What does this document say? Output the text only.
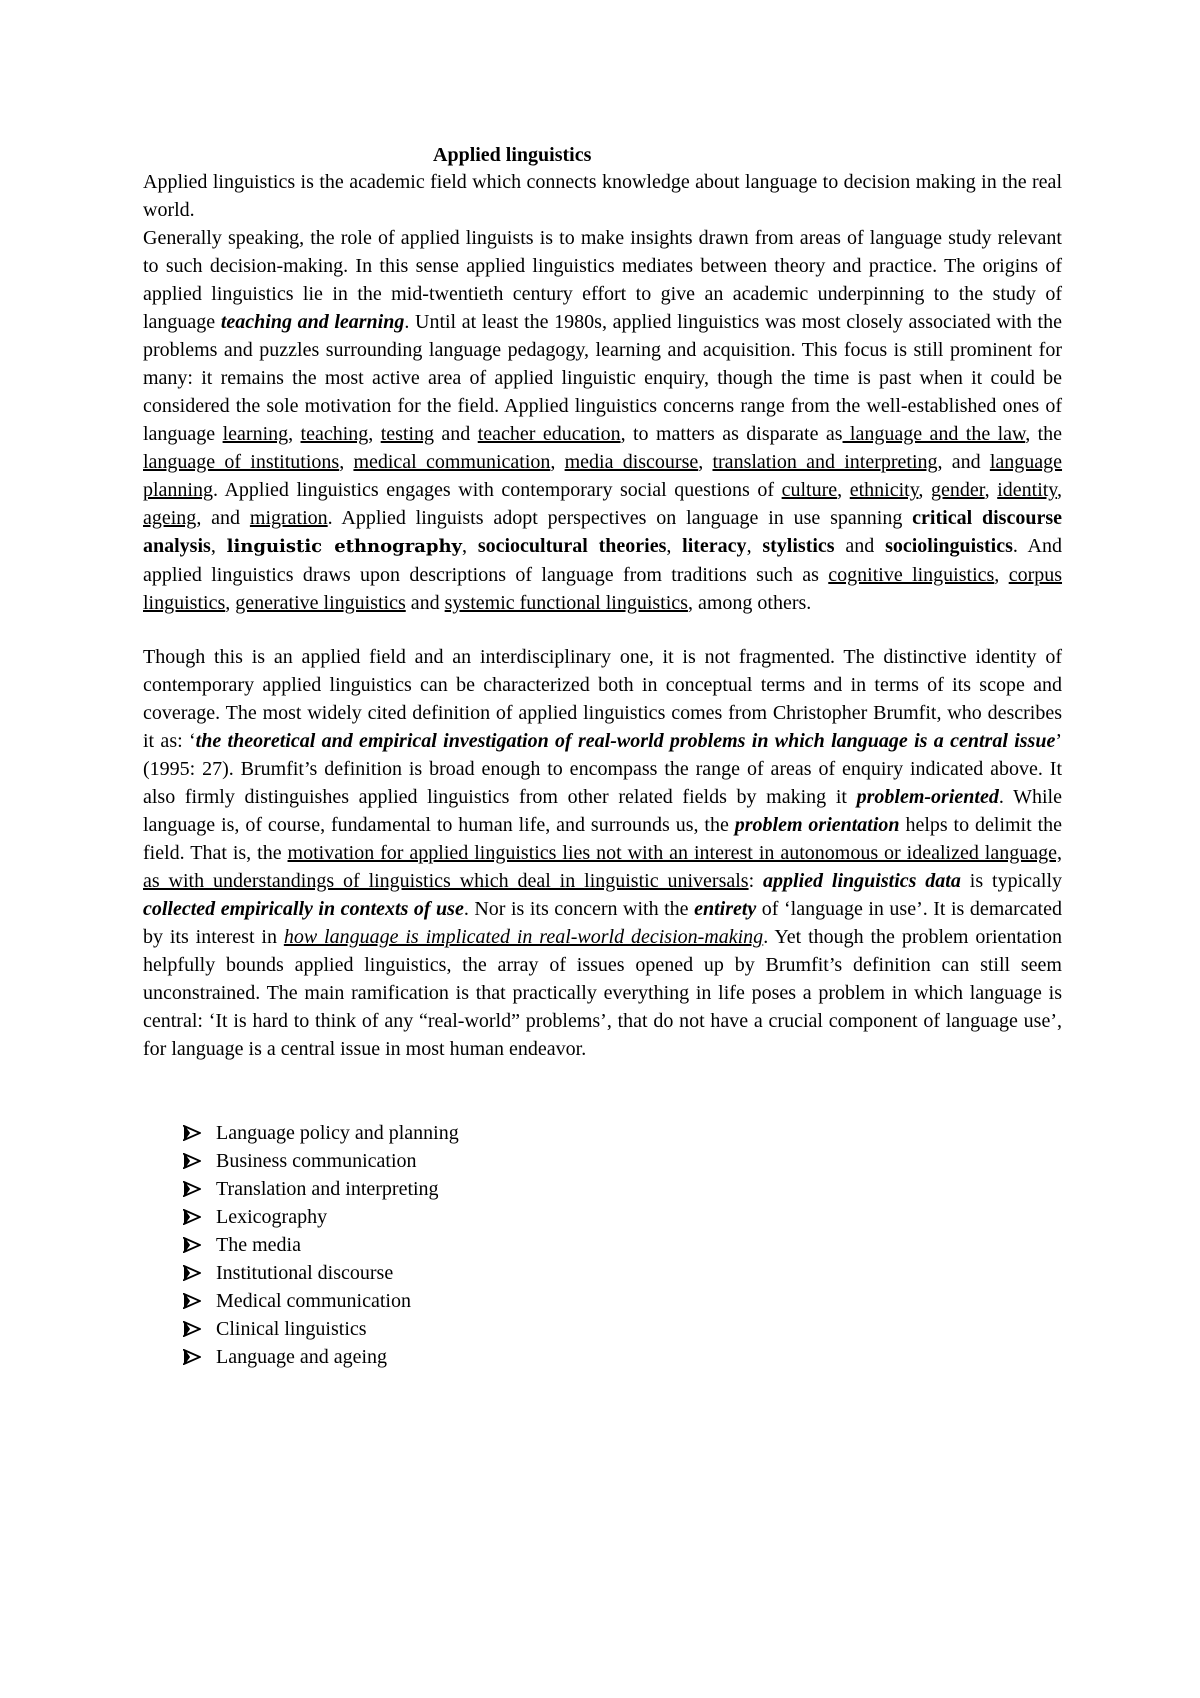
Applied linguistics

Applied linguistics is the academic field which connects knowledge about language to decision making in the real world.

Generally speaking, the role of applied linguists is to make insights drawn from areas of language study relevant to such decision-making. In this sense applied linguistics mediates between theory and practice. The origins of applied linguistics lie in the mid-twentieth century effort to give an academic underpinning to the study of language teaching and learning. Until at least the 1980s, applied linguistics was most closely associated with the problems and puzzles surrounding language pedagogy, learning and acquisition. This focus is still prominent for many: it remains the most active area of applied linguistic enquiry, though the time is past when it could be considered the sole motivation for the field. Applied linguistics concerns range from the well-established ones of language learning, teaching, testing and teacher education, to matters as disparate as language and the law, the language of institutions, medical communication, media discourse, translation and interpreting, and language planning. Applied linguistics engages with contemporary social questions of culture, ethnicity, gender, identity, ageing, and migration. Applied linguists adopt perspectives on language in use spanning critical discourse analysis, linguistic ethnography, sociocultural theories, literacy, stylistics and sociolinguistics. And applied linguistics draws upon descriptions of language from traditions such as cognitive linguistics, corpus linguistics, generative linguistics and systemic functional linguistics, among others.

Though this is an applied field and an interdisciplinary one, it is not fragmented. The distinctive identity of contemporary applied linguistics can be characterized both in conceptual terms and in terms of its scope and coverage. The most widely cited definition of applied linguistics comes from Christopher Brumfit, who describes it as: ‘the theoretical and empirical investigation of real-world problems in which language is a central issue’ (1995: 27). Brumfit’s definition is broad enough to encompass the range of areas of enquiry indicated above. It also firmly distinguishes applied linguistics from other related fields by making it problem-oriented. While language is, of course, fundamental to human life, and surrounds us, the problem orientation helps to delimit the field. That is, the motivation for applied linguistics lies not with an interest in autonomous or idealized language, as with understandings of linguistics which deal in linguistic universals: applied linguistics data is typically collected empirically in contexts of use. Nor is its concern with the entirety of ‘language in use’. It is demarcated by its interest in how language is implicated in real-world decision-making. Yet though the problem orientation helpfully bounds applied linguistics, the array of issues opened up by Brumfit’s definition can still seem unconstrained. The main ramification is that practically everything in life poses a problem in which language is central: ‘It is hard to think of any “real-world” problems’, that do not have a crucial component of language use’, for language is a central issue in most human endeavor.

Language policy and planning
Business communication
Translation and interpreting
Lexicography
The media
Institutional discourse
Medical communication
Clinical linguistics
Language and ageing
